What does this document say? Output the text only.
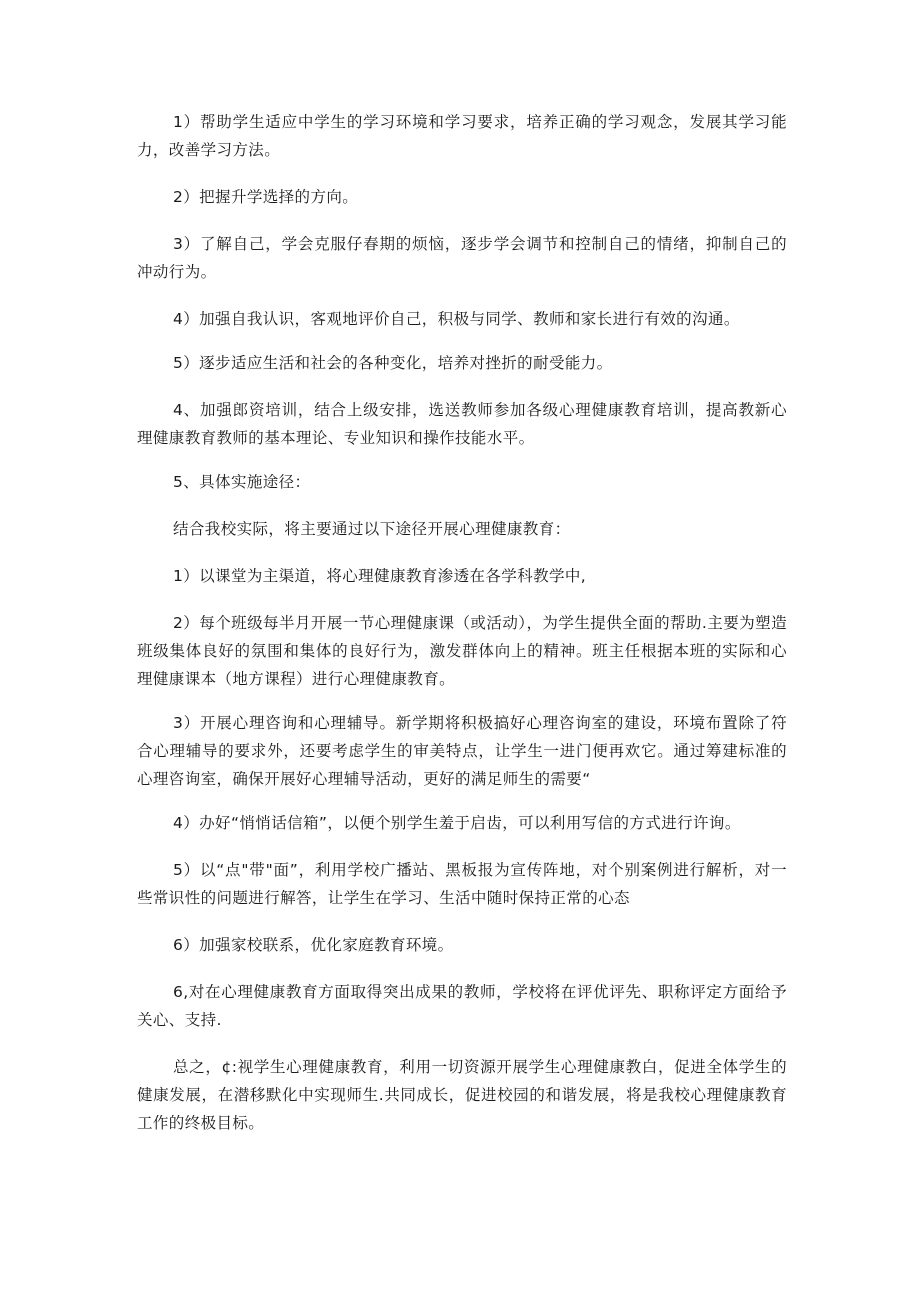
1）帮助学生适应中学生的学习环境和学习要求，培养正确的学习观念，发展其学习能力，改善学习方法。

2）把握升学选择的方向。

3）了解自己，学会克服仔春期的烦恼，逐步学会调节和控制自己的情绪，抑制自己的冲动行为。

4）加强自我认识，客观地评价自己，积极与同学、教师和家长进行有效的沟通。

5）逐步适应生活和社会的各种变化，培养对挫折的耐受能力。

4、加强郎资培训，结合上级安排，选送教师参加各级心理健康教育培训，提高教新心理健康教育教师的基本理论、专业知识和操作技能水平。

5、具体实施途径：

结合我校实际，将主要通过以下途径开展心理健康教育：

1）以课堂为主渠道，将心理健康教育渗透在各学科教学中,

2）每个班级每半月开展一节心理健康课（或活动），为学生提供全面的帮助.主要为塑造班级集体良好的氛围和集体的良好行为，激发群体向上的精神。班主任根据本班的实际和心理健康课本（地方课程）进行心理健康教育。

3）开展心理咨询和心理辅导。新学期将积极搞好心理咨询室的建设，环境布置除了符合心理辅导的要求外，还要考虑学生的审美特点，让学生一进门便再欢它。通过筹建标准的心理咨询室，确保开展好心理辅导活动，更好的满足师生的需要“

4）办好“悄悄话信箱”，以便个别学生羞于启齿，可以利用写信的方式进行许询。

5）以“点"带"面”，利用学校广播站、黑板报为宣传阵地，对个别案例进行解析，对一些常识性的问题进行解答，让学生在学习、生活中随时保持正常的心态

6）加强家校联系，优化家庭教育环境。

6,对在心理健康教育方面取得突出成果的教师，学校将在评优评先、职称评定方面给予关心、支持.

总之，¢:视学生心理健康教育，利用一切资源开展学生心理健康教白，促进全体学生的健康发展，在潜移默化中实现师生.共同成长，促进校园的和谐发展，将是我校心理健康教育工作的终极目标。
